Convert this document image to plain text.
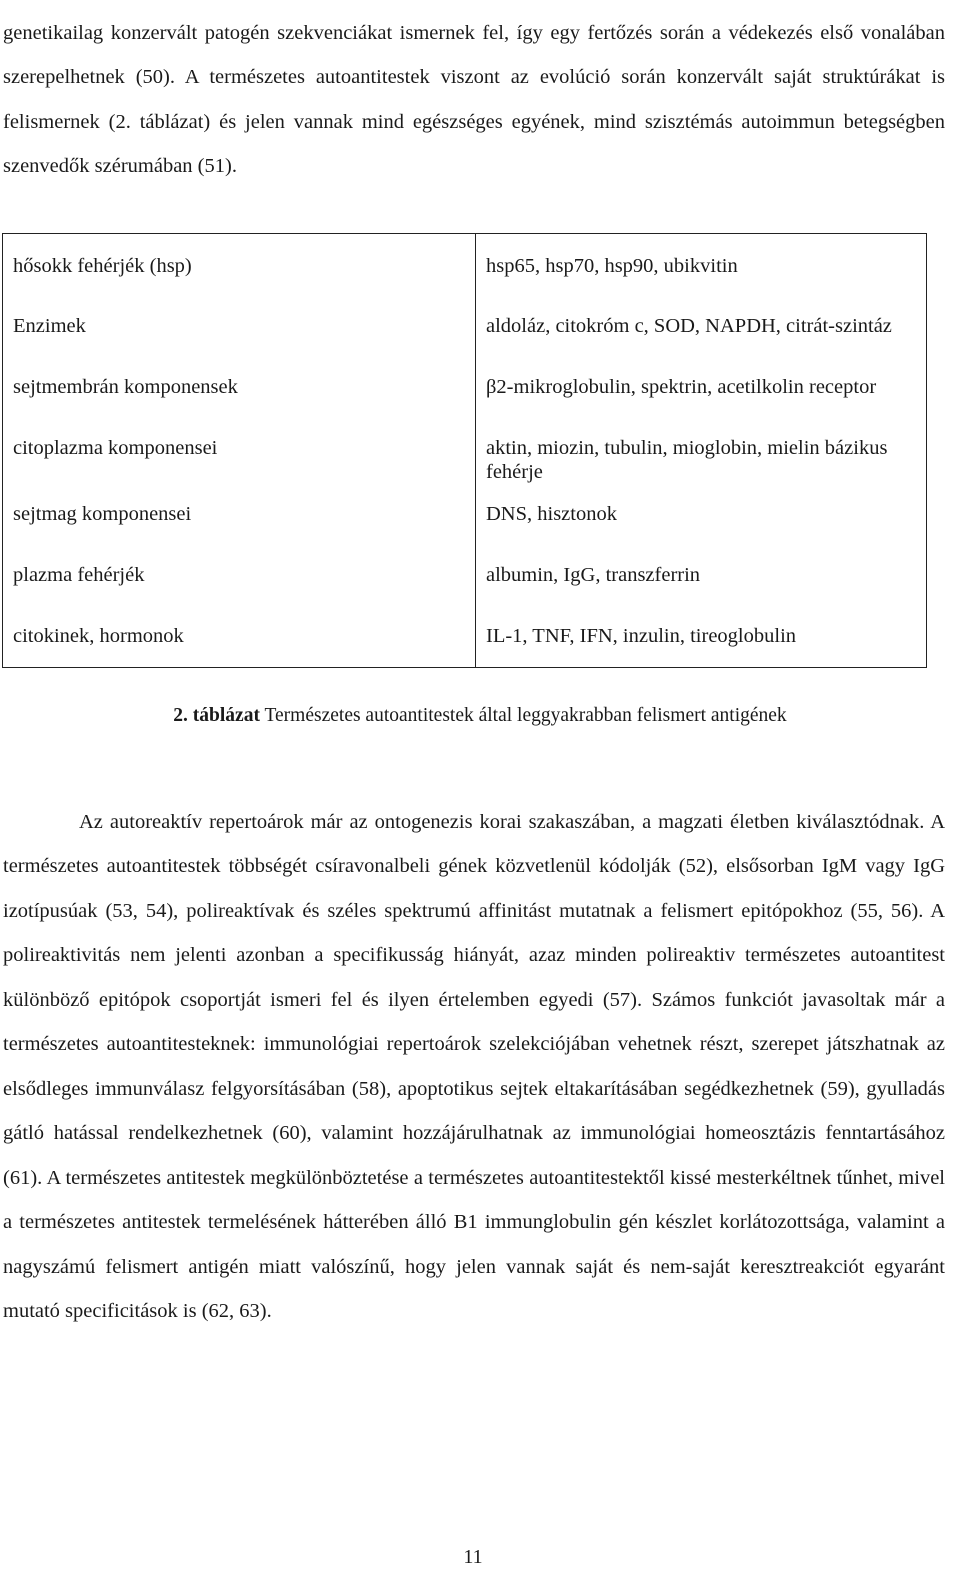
genetikailag konzervált patogén szekvenciákat ismernek fel, így egy fertőzés során a védekezés első vonalában szerepelhetnek (50). A természetes autoantitestek viszont az evolúció során konzervált saját struktúrákat is felismernek (2. táblázat) és jelen vannak mind egészséges egyének, mind szisztémás autoimmun betegségben szenvedők szérumában (51).

hősokk fehérjék (hsp)	hsp65, hsp70, hsp90, ubikvitin
Enzimek	aldoláz, citokróm c, SOD, NAPDH, citrát-szintáz
sejtmembrán komponensek	β2-mikroglobulin, spektrin, acetilkolin receptor
citoplazma komponensei	aktin, miozin, tubulin, mioglobin, mielin bázikus fehérje
sejtmag komponensei	DNS, hisztonok
plazma fehérjék	albumin, IgG, transzferrin
citokinek, hormonok	IL-1, TNF, IFN, inzulin, tireoglobulin
2. táblázat Természetes autoantitestek által leggyakrabban felismert antigének

Az autoreaktív repertoárok már az ontogenezis korai szakaszában, a magzati életben kiválasztódnak. A természetes autoantitestek többségét csíravonalbeli gének közvetlenül kódolják (52), elsősorban IgM vagy IgG izotípusúak (53, 54), polireaktívak és széles spektrumú affinitást mutatnak a felismert epitópokhoz (55, 56). A polireaktivitás nem jelenti azonban a specifikusság hiányát, azaz minden polireaktiv természetes autoantitest különböző epitópok csoportját ismeri fel és ilyen értelemben egyedi (57). Számos funkciót javasoltak már a természetes autoantitesteknek: immunológiai repertoárok szelekciójában vehetnek részt, szerepet játszhatnak az elsődleges immunválasz felgyorsításában (58), apoptotikus sejtek eltakarításában segédkezhetnek (59), gyulladás gátló hatással rendelkezhetnek (60), valamint hozzájárulhatnak az immunológiai homeosztázis fenntartásához (61). A természetes antitestek megkülönböztetése a természetes autoantitestektől kissé mesterkéltnek tűnhet, mivel a természetes antitestek termelésének hátterében álló B1 immunglobulin gén készlet korlátozottsága, valamint a nagyszámú felismert antigén miatt valószínű, hogy jelen vannak saját és nem-saját keresztreakciót egyaránt mutató specificitások is (62, 63).

11
